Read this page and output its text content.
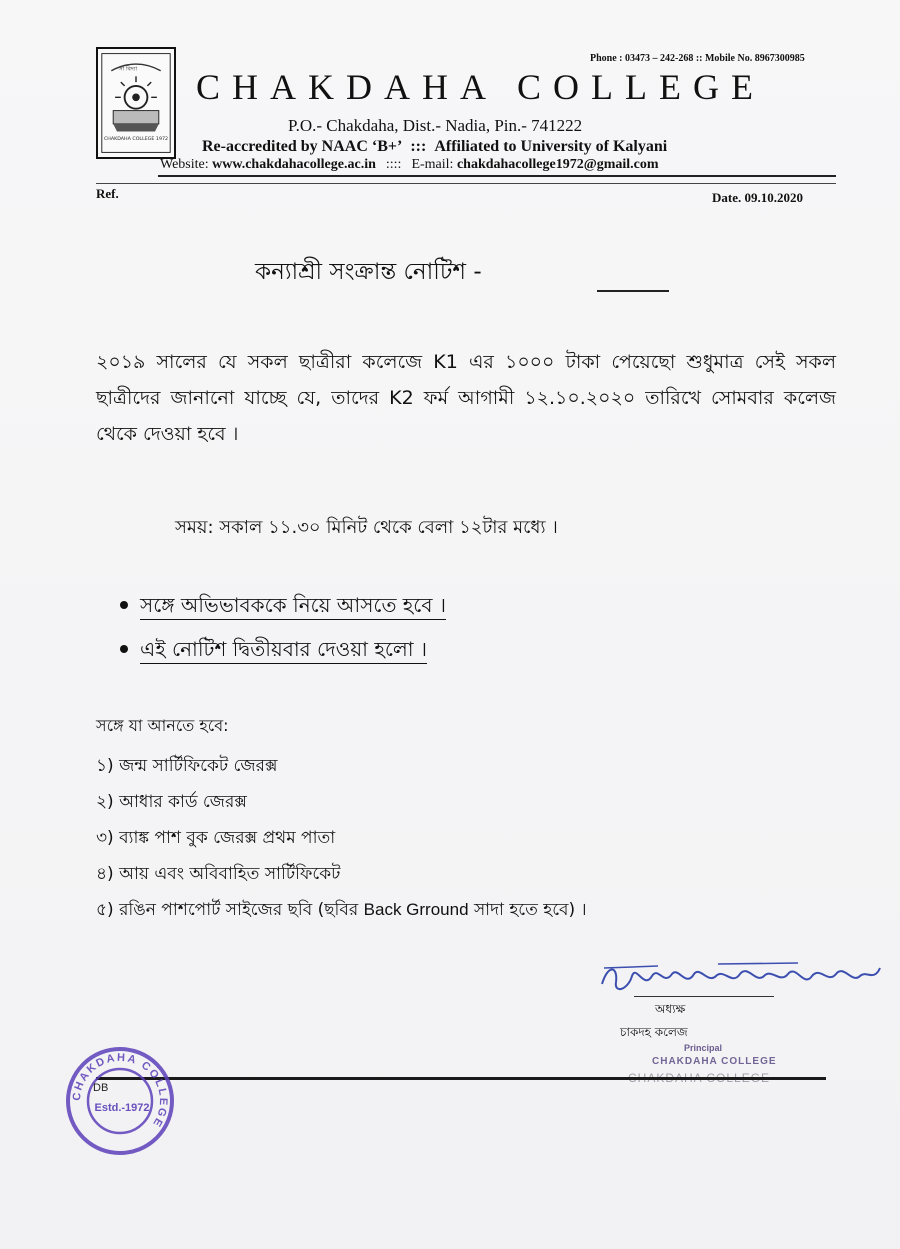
সা বিদ্যা
CHAKDAHA COLLEGE 1972
Phone : 03473 – 242-268 :: Mobile No. 8967300985
CHAKDAHA COLLEGE
P.O.- Chakdaha, Dist.- Nadia, Pin.- 741222
Re-accredited by NAAC ‘B+’ ::: Affiliated to University of Kalyani
Website: www.chakdahacollege.ac.in :::: E-mail: chakdahacollege1972@gmail.com
Ref.	Date. 09.10.2020
কন্যাশ্রী সংক্রান্ত নোটিশ -
২০১৯ সালের যে সকল ছাত্রীরা কলেজে K1 এর ১০০০ টাকা পেয়েছো শুধুমাত্র সেই সকল ছাত্রীদের জানানো যাচ্ছে যে, তাদের K2 ফর্ম আগামী ১২.১০.২০২০ তারিখে সোমবার কলেজ থেকে দেওয়া হবে ।
সময়: সকাল ১১.৩০ মিনিট থেকে বেলা ১২টার মধ্যে ।
সঙ্গে অভিভাবককে নিয়ে আসতে হবে ।
এই নোটিশ দ্বিতীয়বার দেওয়া হলো ।
সঙ্গে যা আনতে হবে:
১) জন্ম সার্টিফিকেট জেরক্স
২) আধার কার্ড জেরক্স
৩) ব্যাঙ্ক পাশ বুক জেরক্স প্রথম পাতা
৪) আয় এবং অবিবাহিত সার্টিফিকেট
৫) রঙিন পাশপোর্ট সাইজের ছবি (ছবির Back Grround সাদা হতে হবে) ।
অধ্যক্ষ
চাকদহ কলেজ
Principal
CHAKDAHA COLLEGE
CHAKDAHA COLLEGE
Estd.-1972
DB
